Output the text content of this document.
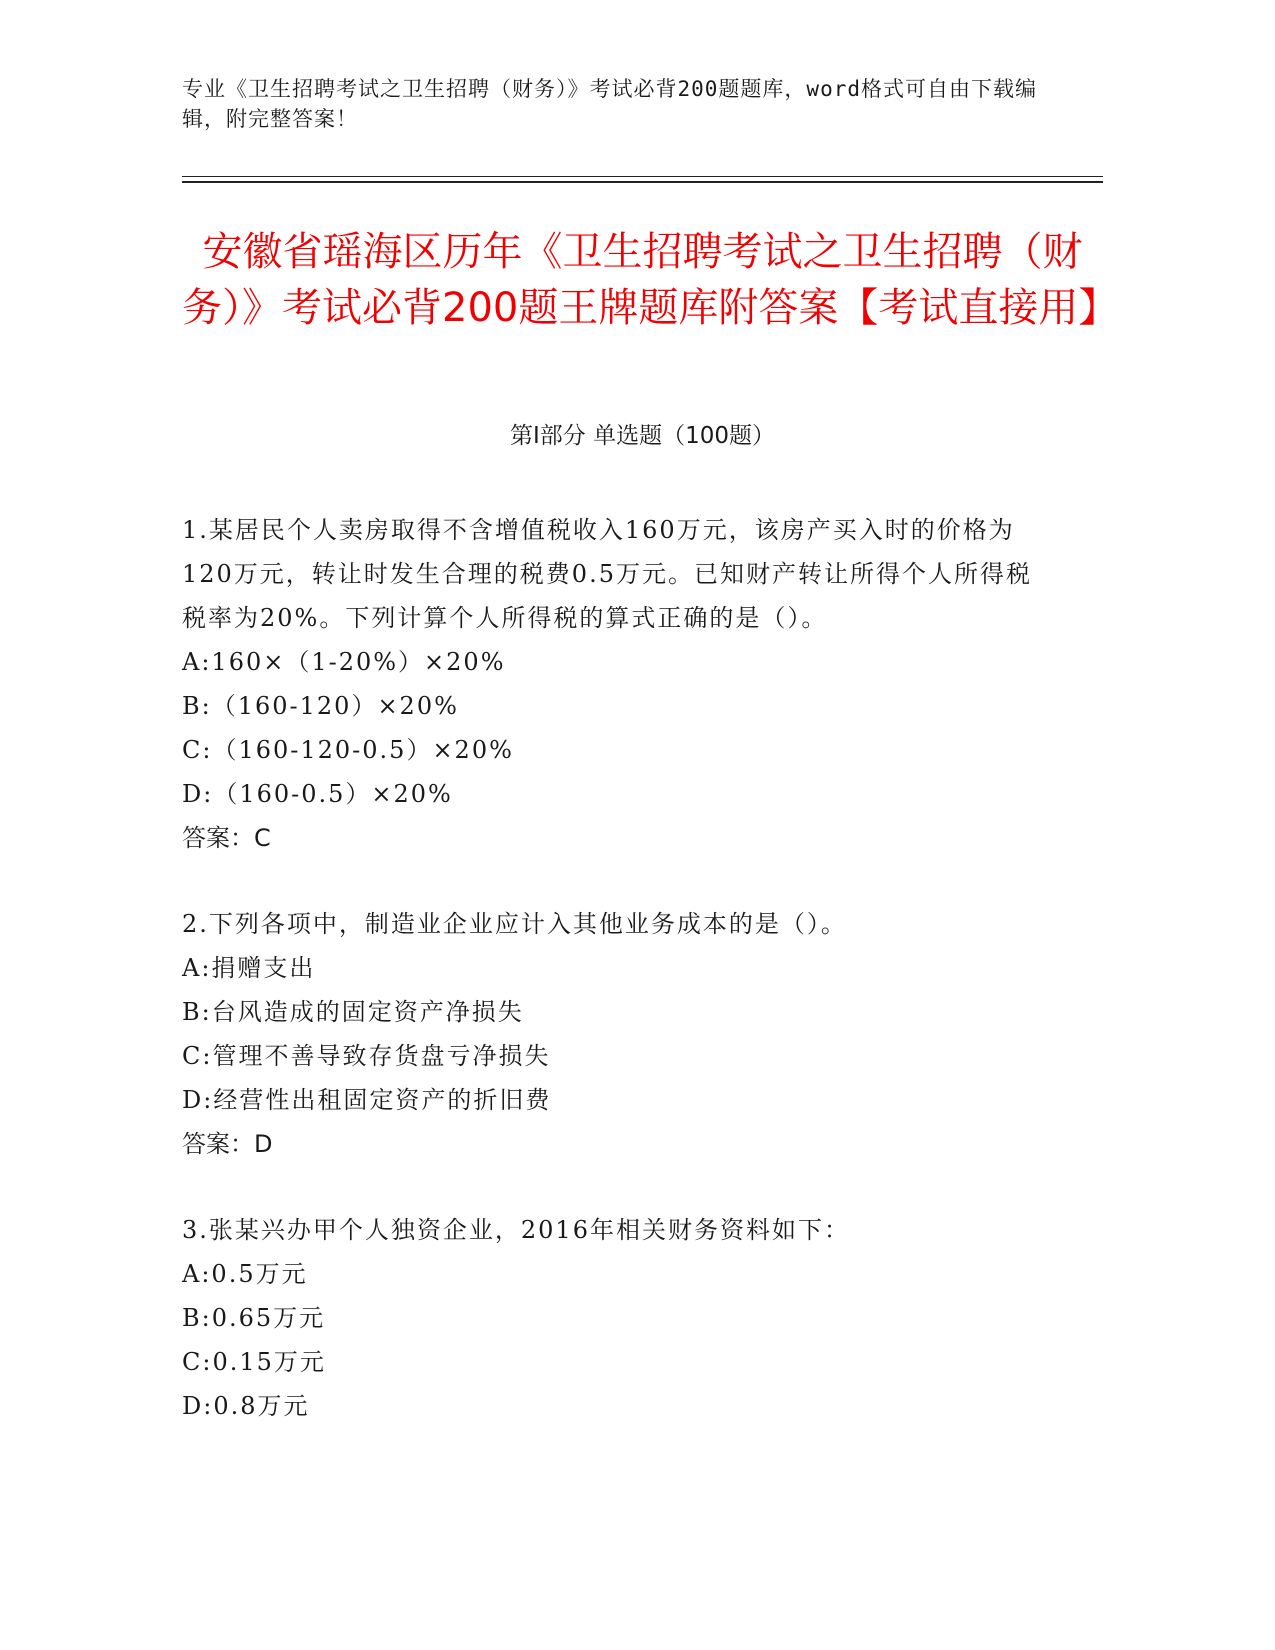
专业《卫生招聘考试之卫生招聘（财务）》考试必背200题题库，word格式可自由下载编辑，附完整答案！
安徽省瑶海区历年《卫生招聘考试之卫生招聘（财务）》考试必背200题王牌题库附答案【考试直接用】
第Ⅰ部分 单选题（100题）
1.某居民个人卖房取得不含增值税收入160万元，该房产买入时的价格为120万元，转让时发生合理的税费0.5万元。已知财产转让所得个人所得税税率为20%。下列计算个人所得税的算式正确的是（）。
A:160×（1-20%）×20%
B:（160-120）×20%
C:（160-120-0.5）×20%
D:（160-0.5）×20%
答案：C
2.下列各项中，制造业企业应计入其他业务成本的是（）。
A:捐赠支出
B:台风造成的固定资产净损失
C:管理不善导致存货盘亏净损失
D:经营性出租固定资产的折旧费
答案：D
3.张某兴办甲个人独资企业，2016年相关财务资料如下：
A:0.5万元
B:0.65万元
C:0.15万元
D:0.8万元
